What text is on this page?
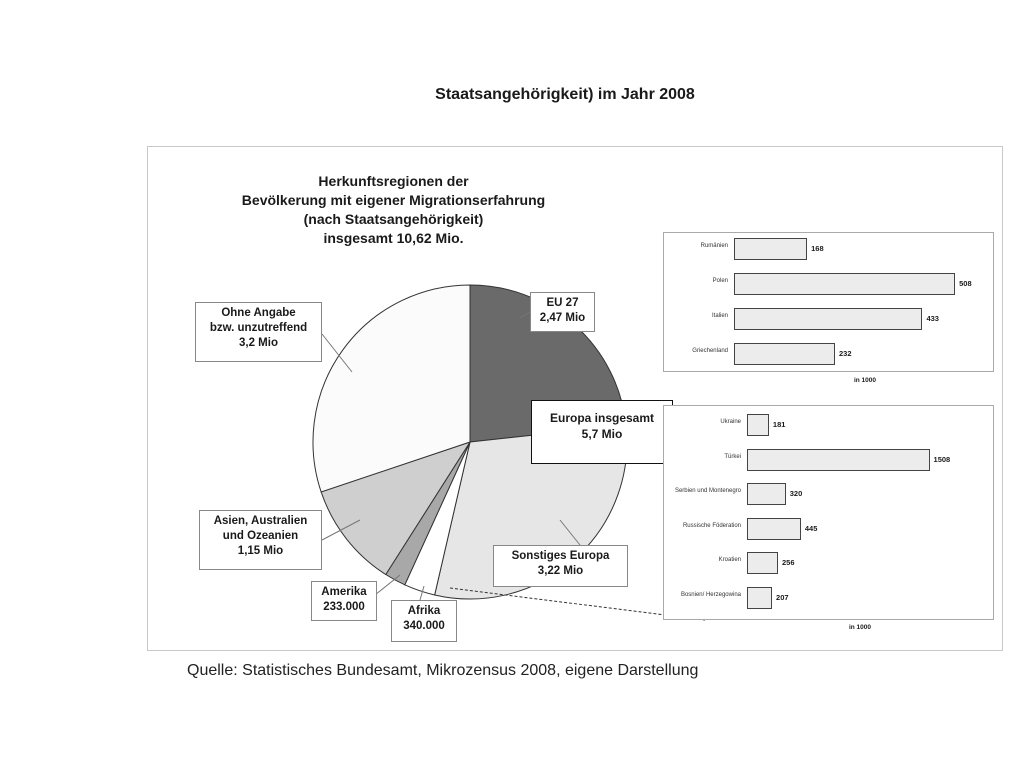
Staatsangehörigkeit) im Jahr 2008
Herkunftsregionen der
Bevölkerung mit eigener Migrationserfahrung
(nach Staatsangehörigkeit)
insgesamt 10,62 Mio.
Ohne Angabe
bzw. unzutreffend
3,2 Mio
EU 27
2,47 Mio
Europa insgesamt
5,7 Mio
Asien, Australien
und Ozeanien
1,15 Mio	Sonstiges Europa
3,22 Mio
Amerika
233.000	Afrika
340.000
Rumänien	168
Polen	508
Italien	433
Griechenland	232
in 1000
Ukraine	181
Türkei	1508
Serbien und Montenegro	320
Russische Föderation	445
Kroatien	256
Bosnien/ Herzegowina	207
in 1000
Quelle: Statistisches Bundesamt, Mikrozensus 2008, eigene Darstellung
